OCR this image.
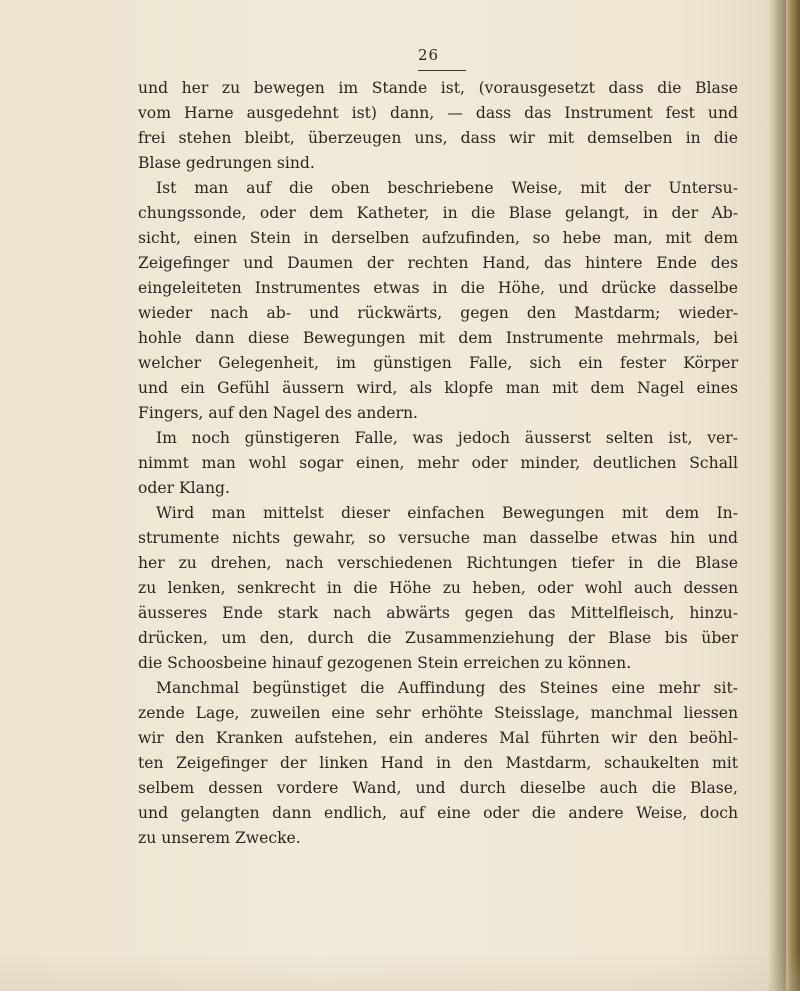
26
und her zu bewegen im Stande ist, (vorausgesetzt dass die Blase
vom Harne ausgedehnt ist) dann, — dass das Instrument fest und
frei stehen bleibt, überzeugen uns, dass wir mit demselben in die
Blase gedrungen sind.
Ist man auf die oben beschriebene Weise, mit der Untersu-
chungssonde, oder dem Katheter, in die Blase gelangt, in der Ab-
sicht, einen Stein in derselben aufzufinden, so hebe man, mit dem
Zeigefinger und Daumen der rechten Hand, das hintere Ende des
eingeleiteten Instrumentes etwas in die Höhe, und drücke dasselbe
wieder nach ab- und rückwärts, gegen den Mastdarm; wieder-
hohle dann diese Bewegungen mit dem Instrumente mehrmals, bei
welcher Gelegenheit, im günstigen Falle, sich ein fester Körper
und ein Gefühl äussern wird, als klopfe man mit dem Nagel eines
Fingers, auf den Nagel des andern.
Im noch günstigeren Falle, was jedoch äusserst selten ist, ver-
nimmt man wohl sogar einen, mehr oder minder, deutlichen Schall
oder Klang.
Wird man mittelst dieser einfachen Bewegungen mit dem In-
strumente nichts gewahr, so versuche man dasselbe etwas hin und
her zu drehen, nach verschiedenen Richtungen tiefer in die Blase
zu lenken, senkrecht in die Höhe zu heben, oder wohl auch dessen
äusseres Ende stark nach abwärts gegen das Mittelfleisch, hinzu-
drücken, um den, durch die Zusammenziehung der Blase bis über
die Schoosbeine hinauf gezogenen Stein erreichen zu können.
Manchmal begünstiget die Auffindung des Steines eine mehr sit-
zende Lage, zuweilen eine sehr erhöhte Steisslage, manchmal liessen
wir den Kranken aufstehen, ein anderes Mal führten wir den beöhl-
ten Zeigefinger der linken Hand in den Mastdarm, schaukelten mit
selbem dessen vordere Wand, und durch dieselbe auch die Blase,
und gelangten dann endlich, auf eine oder die andere Weise, doch
zu unserem Zwecke.
